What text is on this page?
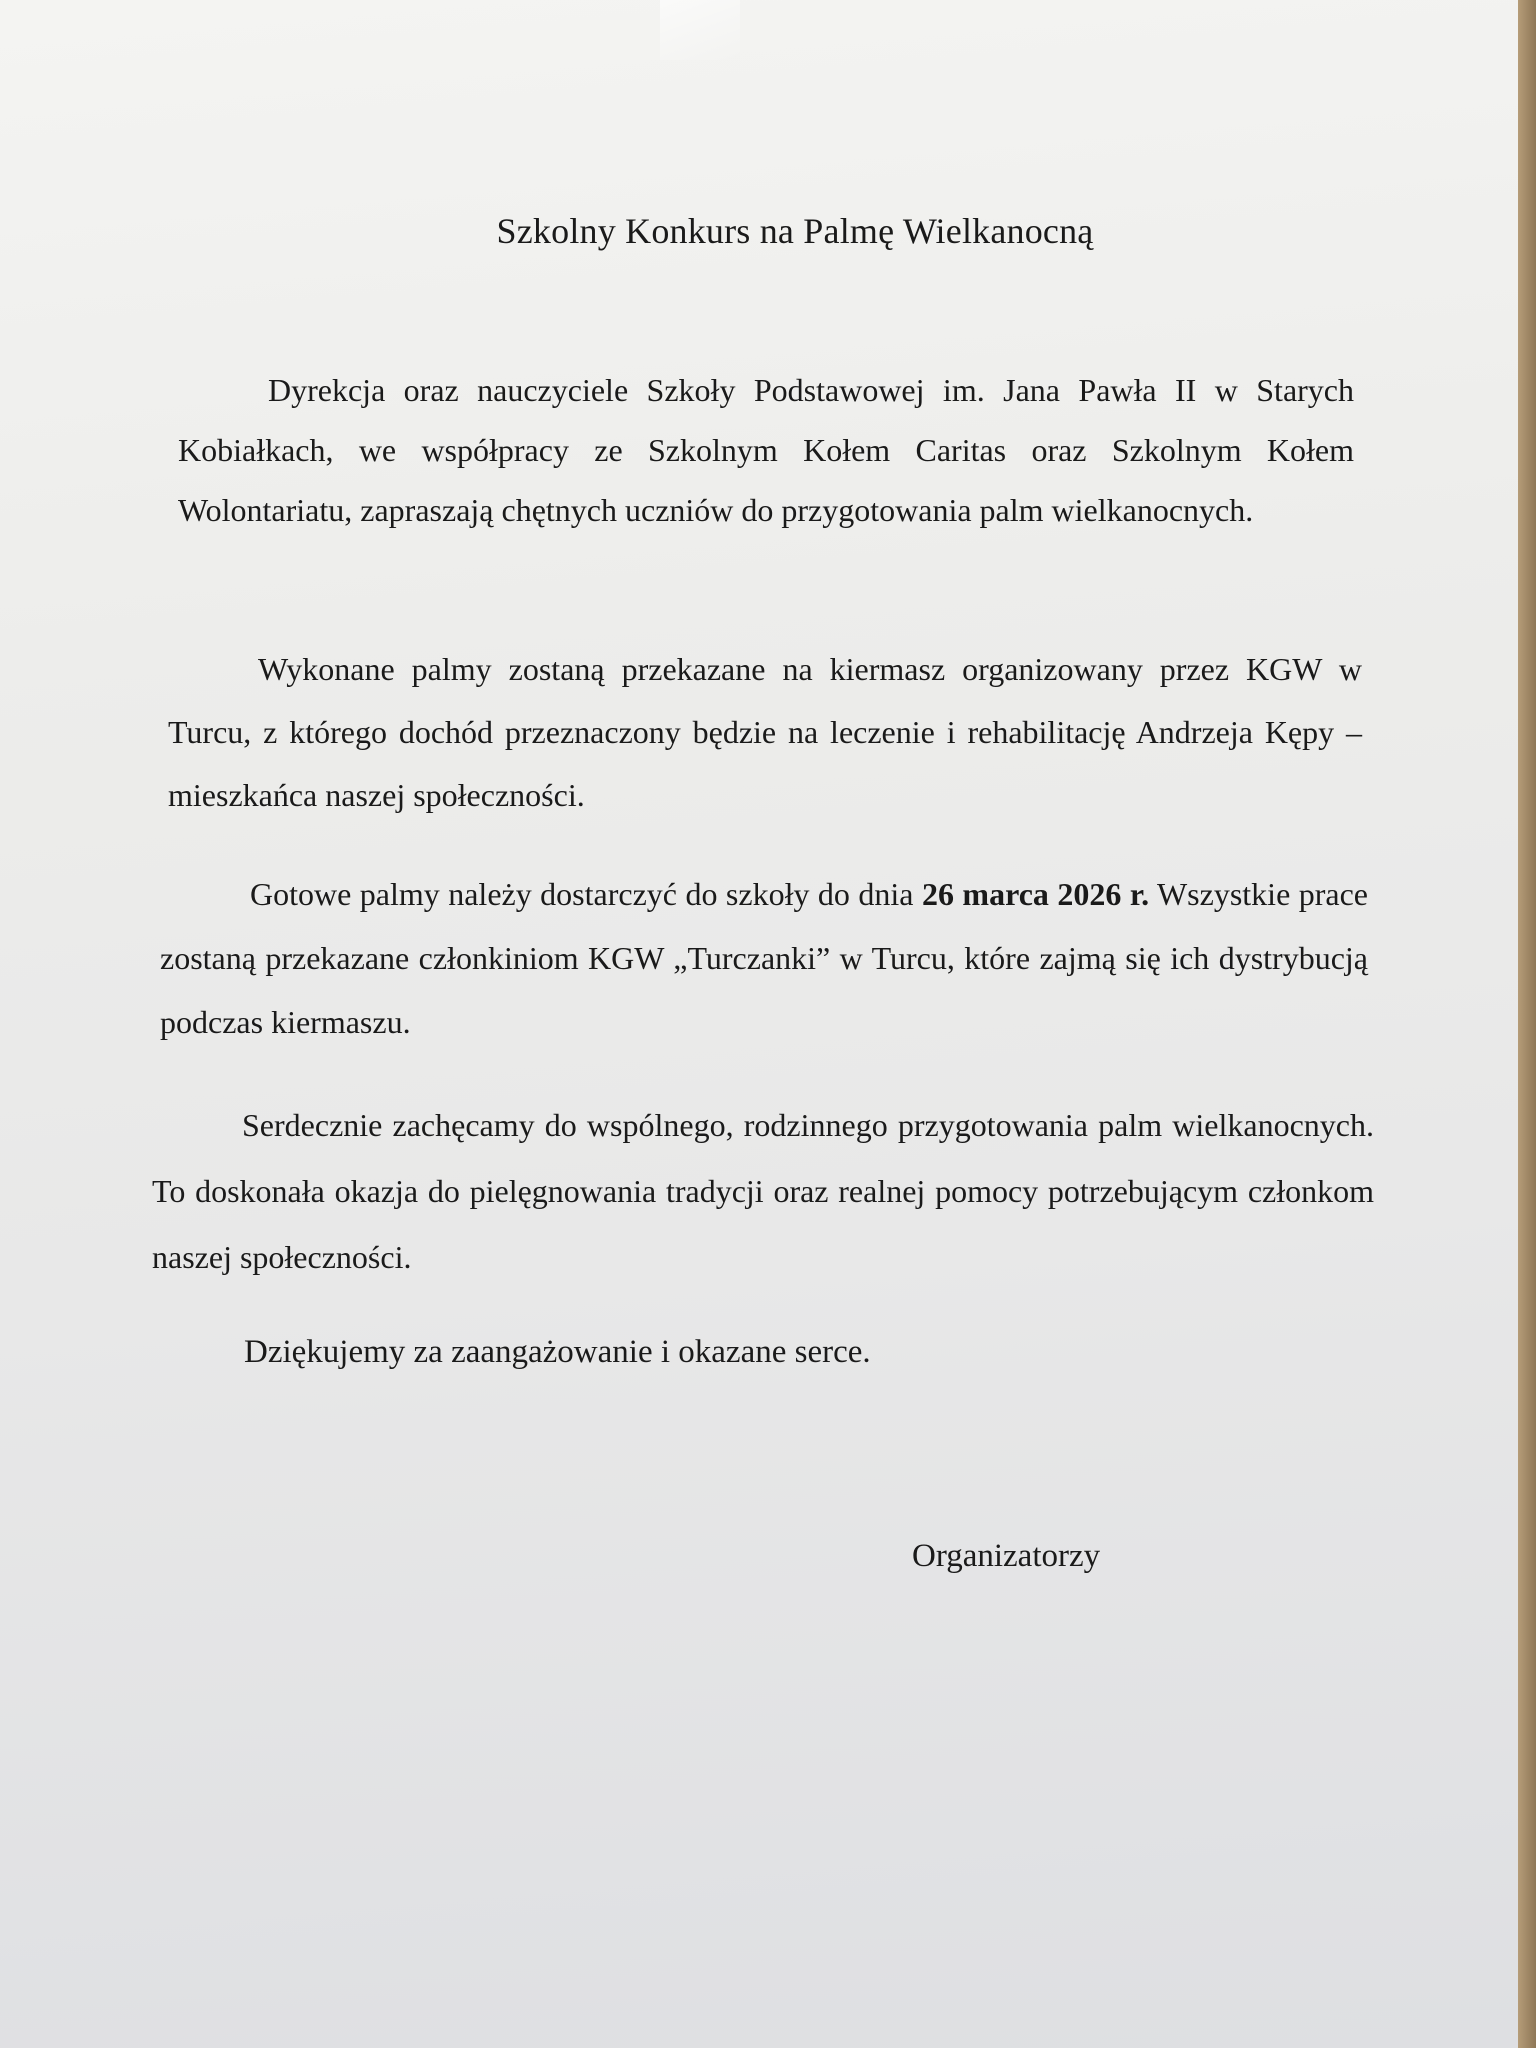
Szkolny Konkurs na Palmę Wielkanocną
Dyrekcja oraz nauczyciele Szkoły Podstawowej im. Jana Pawła II w Starych Kobiałkach, we współpracy ze Szkolnym Kołem Caritas oraz Szkolnym Kołem Wolontariatu, zapraszają chętnych uczniów do przygotowania palm wielkanocnych.
Wykonane palmy zostaną przekazane na kiermasz organizowany przez KGW w Turcu, z którego dochód przeznaczony będzie na leczenie i rehabilitację Andrzeja Kępy – mieszkańca naszej społeczności.
Gotowe palmy należy dostarczyć do szkoły do dnia 26 marca 2026 r. Wszystkie prace zostaną przekazane członkiniom KGW „Turczanki” w Turcu, które zajmą się ich dystrybucją podczas kiermaszu.
Serdecznie zachęcamy do wspólnego, rodzinnego przygotowania palm wielkanocnych. To doskonała okazja do pielęgnowania tradycji oraz realnej pomocy potrzebującym członkom naszej społeczności.
Dziękujemy za zaangażowanie i okazane serce.
Organizatorzy
